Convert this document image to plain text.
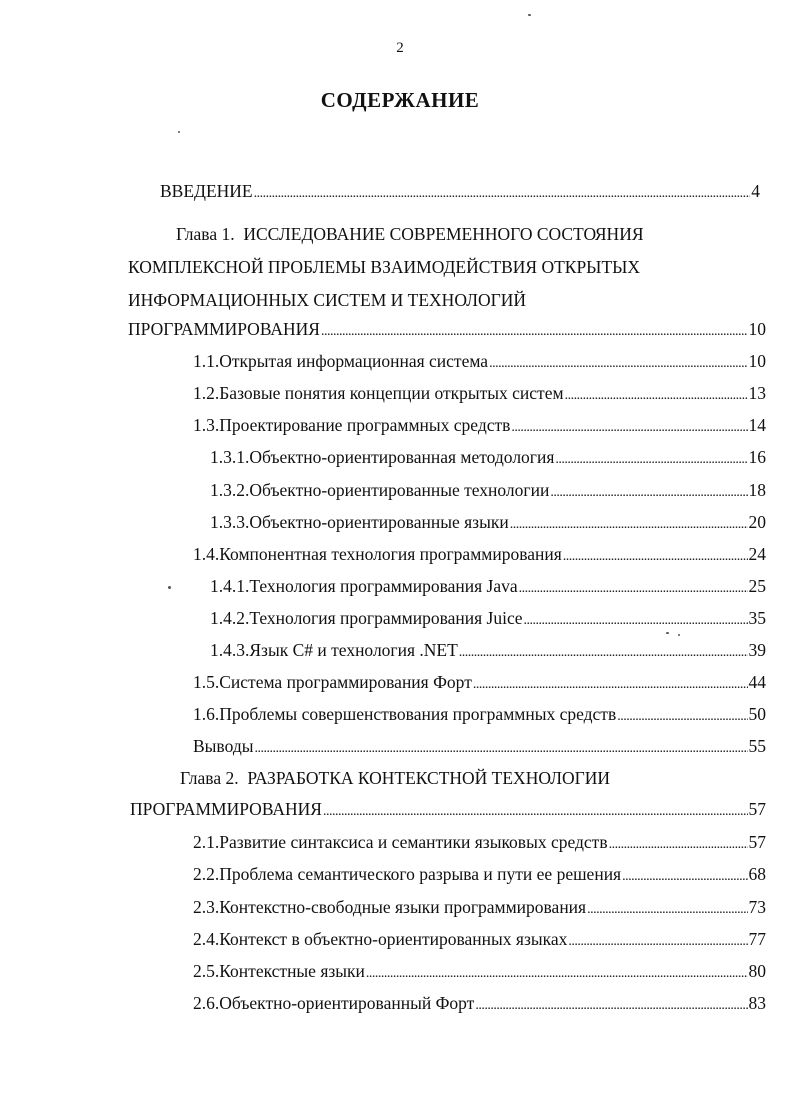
2
СОДЕРЖАНИЕ
ВВЕДЕНИЕ . . .	4
Глава 1. ИССЛЕДОВАНИЕ СОВРЕМЕННОГО СОСТОЯНИЯ
КОМПЛЕКСНОЙ ПРОБЛЕМЫ ВЗАИМОДЕЙСТВИЯ ОТКРЫТЫХ
ИНФОРМАЦИОННЫХ СИСТЕМ И ТЕХНОЛОГИЙ
ПРОГРАММИРОВАНИЯ . . .	10
1.1. Открытая информационная система . . .	10
1.2. Базовые понятия концепции открытых систем . . .	13
1.3. Проектирование программных средств . . .	14
1.3.1. Объектно-ориентированная методология . . .	16
1.3.2. Объектно-ориентированные технологии . . .	18
1.3.3. Объектно-ориентированные языки . . .	20
1.4. Компонентная технология программирования . . .	24
1.4.1. Технология программирования Java . . .	25
1.4.2. Технология программирования Juice . . .	35
1.4.3. Язык C# и технология .NET . . .	39
1.5. Система программирования Форт . . .	44
1.6. Проблемы совершенствования программных средств . . .	50
Выводы . . .	55
Глава 2. РАЗРАБОТКА КОНТЕКСТНОЙ ТЕХНОЛОГИИ
ПРОГРАММИРОВАНИЯ . . .	57
2.1. Развитие синтаксиса и семантики языковых средств . . .	57
2.2. Проблема семантического разрыва и пути ее решения . . .	68
2.3. Контекстно-свободные языки программирования . . .	73
2.4. Контекст в объектно-ориентированных языках . . .	77
2.5. Контекстные языки . . .	80
2.6. Объектно-ориентированный Форт . . .	83
